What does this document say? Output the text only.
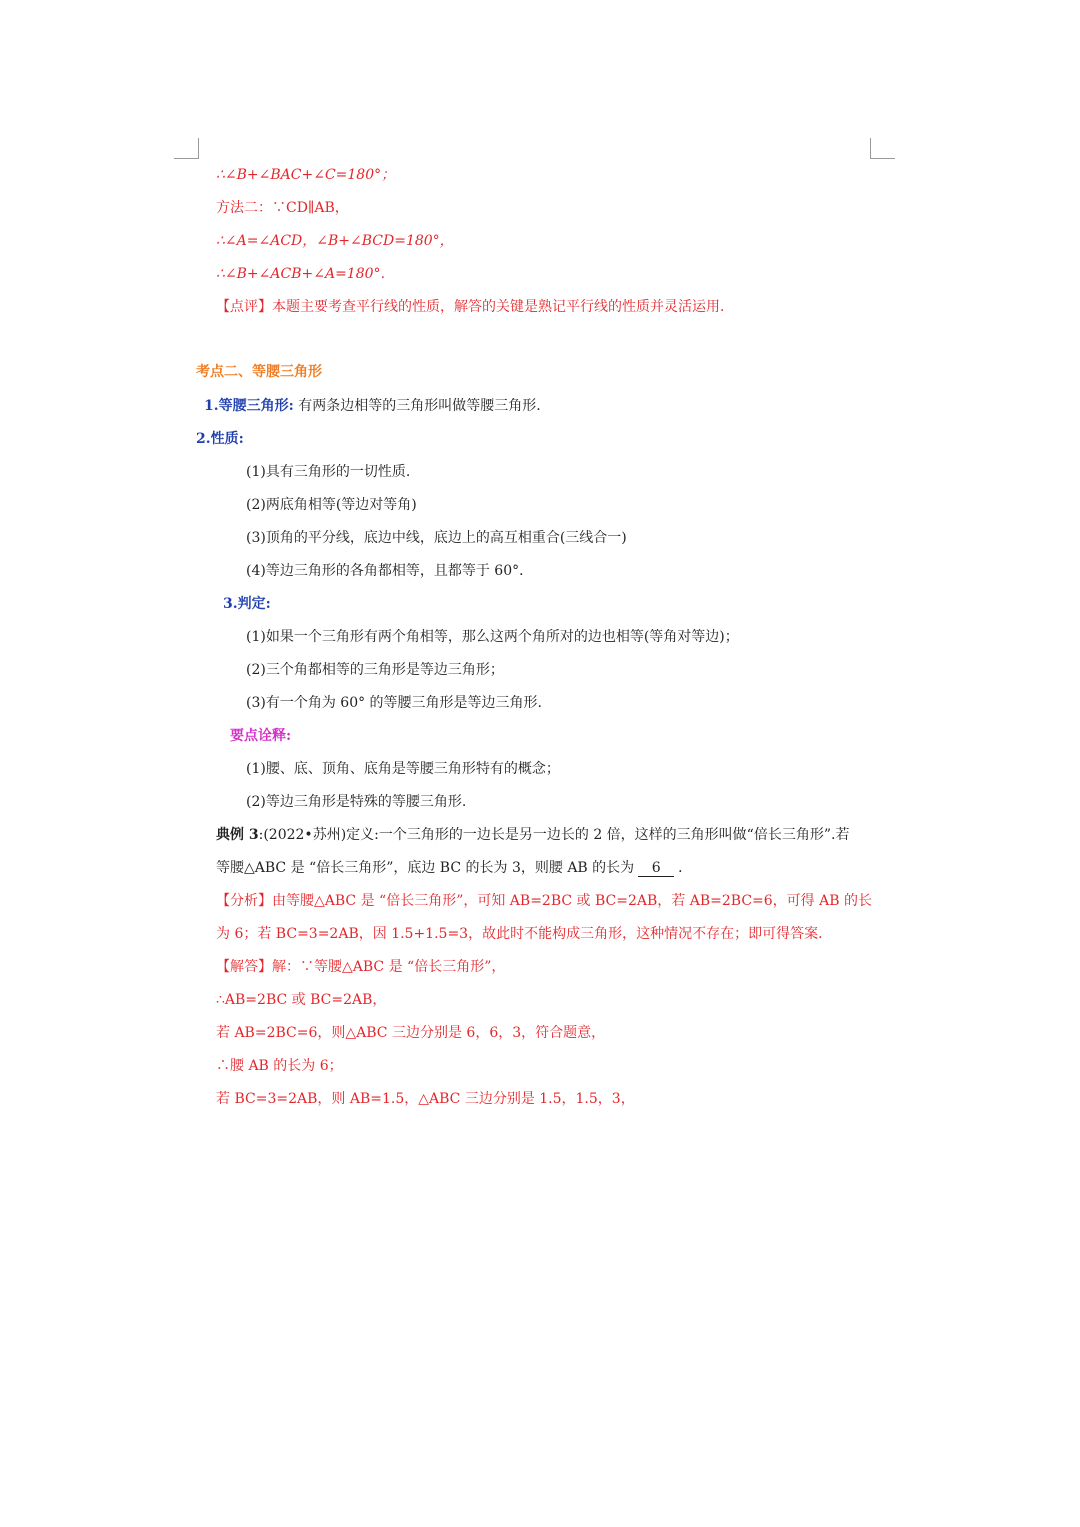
∴∠B+∠BAC+∠C=180°；
方法二：∵CD∥AB，
∴∠A=∠ACD，∠B+∠BCD=180°，
∴∠B+∠ACB+∠A=180°．
【点评】本题主要考查平行线的性质，解答的关键是熟记平行线的性质并灵活运用．
考点二、等腰三角形
1.等腰三角形: 有两条边相等的三角形叫做等腰三角形.
2.性质:
(1)具有三角形的一切性质.
(2)两底角相等(等边对等角)
(3)顶角的平分线，底边中线，底边上的高互相重合(三线合一)
(4)等边三角形的各角都相等，且都等于 60°．
3.判定:
(1)如果一个三角形有两个角相等，那么这两个角所对的边也相等(等角对等边)；
(2)三个角都相等的三角形是等边三角形；
(3)有一个角为 60° 的等腰三角形是等边三角形.
要点诠释:
(1)腰、底、顶角、底角是等腰三角形特有的概念；
(2)等边三角形是特殊的等腰三角形.
典例 3:(2022•苏州)定义:一个三角形的一边长是另一边长的 2 倍，这样的三角形叫做“倍长三角形”.若
等腰△ABC 是 “倍长三角形”，底边 BC 的长为 3，则腰 AB 的长为 6 ．
【分析】由等腰△ABC 是 “倍长三角形”，可知 AB=2BC 或 BC=2AB，若 AB=2BC=6，可得 AB 的长
为 6；若 BC=3=2AB，因 1.5+1.5=3，故此时不能构成三角形，这种情况不存在；即可得答案．
【解答】解：∵等腰△ABC 是 “倍长三角形”，
∴AB=2BC 或 BC=2AB，
若 AB=2BC=6，则△ABC 三边分别是 6，6，3，符合题意，
∴腰 AB 的长为 6；
若 BC=3=2AB，则 AB=1.5，△ABC 三边分别是 1.5，1.5，3，
